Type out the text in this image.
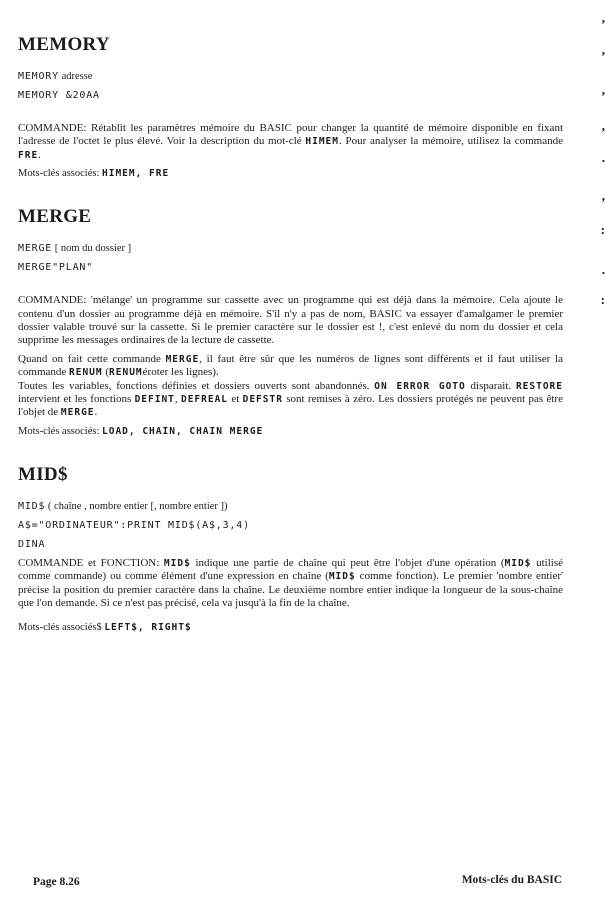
MEMORY

MEMORY adresse

MEMORY &20AA

COMMANDE: Rétablit les paramètres mémoire du BASIC pour changer la quantité de mémoire disponible en fixant l'adresse de l'octet le plus élevé. Voir la description du mot-clé HIMEM. Pour analyser la mémoire, utilisez la commande FRE.

Mots-clés associés: HIMEM, FRE

MERGE

MERGE [ nom du dossier ]

MERGE"PLAN"

COMMANDE: 'mélange' un programme sur cassette avec un programme qui est déjà dans la mémoire. Cela ajoute le contenu d'un dossier au programme déjà en mémoire. S'il n'y a pas de nom, BASIC va essayer d'amalgamer le premier dossier valable trouvé sur la cassette. Si le premier caractère sur le dossier est !, c'est enlevé du nom du dossier et cela supprime les messages ordinaires de la lecture de cassette.

Quand on fait cette commande MERGE, il faut être sûr que les numéros de lignes sont différents et il faut utiliser la commande RENUM (RENUMéroter les lignes).

Toutes les variables, fonctions définies et dossiers ouverts sont abandonnés. ON ERROR GOTO disparait. RESTORE intervient et les fonctions DEFINT, DEFREAL et DEFSTR sont remises à zéro. Les dossiers protégés ne peuvent pas être l'objet de MERGE.

Mots-clés associés: LOAD, CHAIN, CHAIN MERGE

MID$

MID$ ( chaîne , nombre entier [, nombre entier ])

A$="ORDINATEUR":PRINT MID$(A$,3,4)

DINA

COMMANDE et FONCTION: MID$ indique une partie de chaîne qui peut être l'objet d'une opération (MID$ utilisé comme commande) ou comme élément d'une expression en chaîne (MID$ comme fonction). Le premier 'nombre entier' précise la position du premier caractère dans la chaîne. Le deuxième nombre entier indique la longueur de la sous-chaîne que l'on demande. Si ce n'est pas précisé, cela va jusqu'à la fin de la chaîne.

Mots-clés associés$ LEFT$, RIGHT$

Page 8.26	Mots-clés du BASIC
,
,
,
,
.
,
:
.
:
